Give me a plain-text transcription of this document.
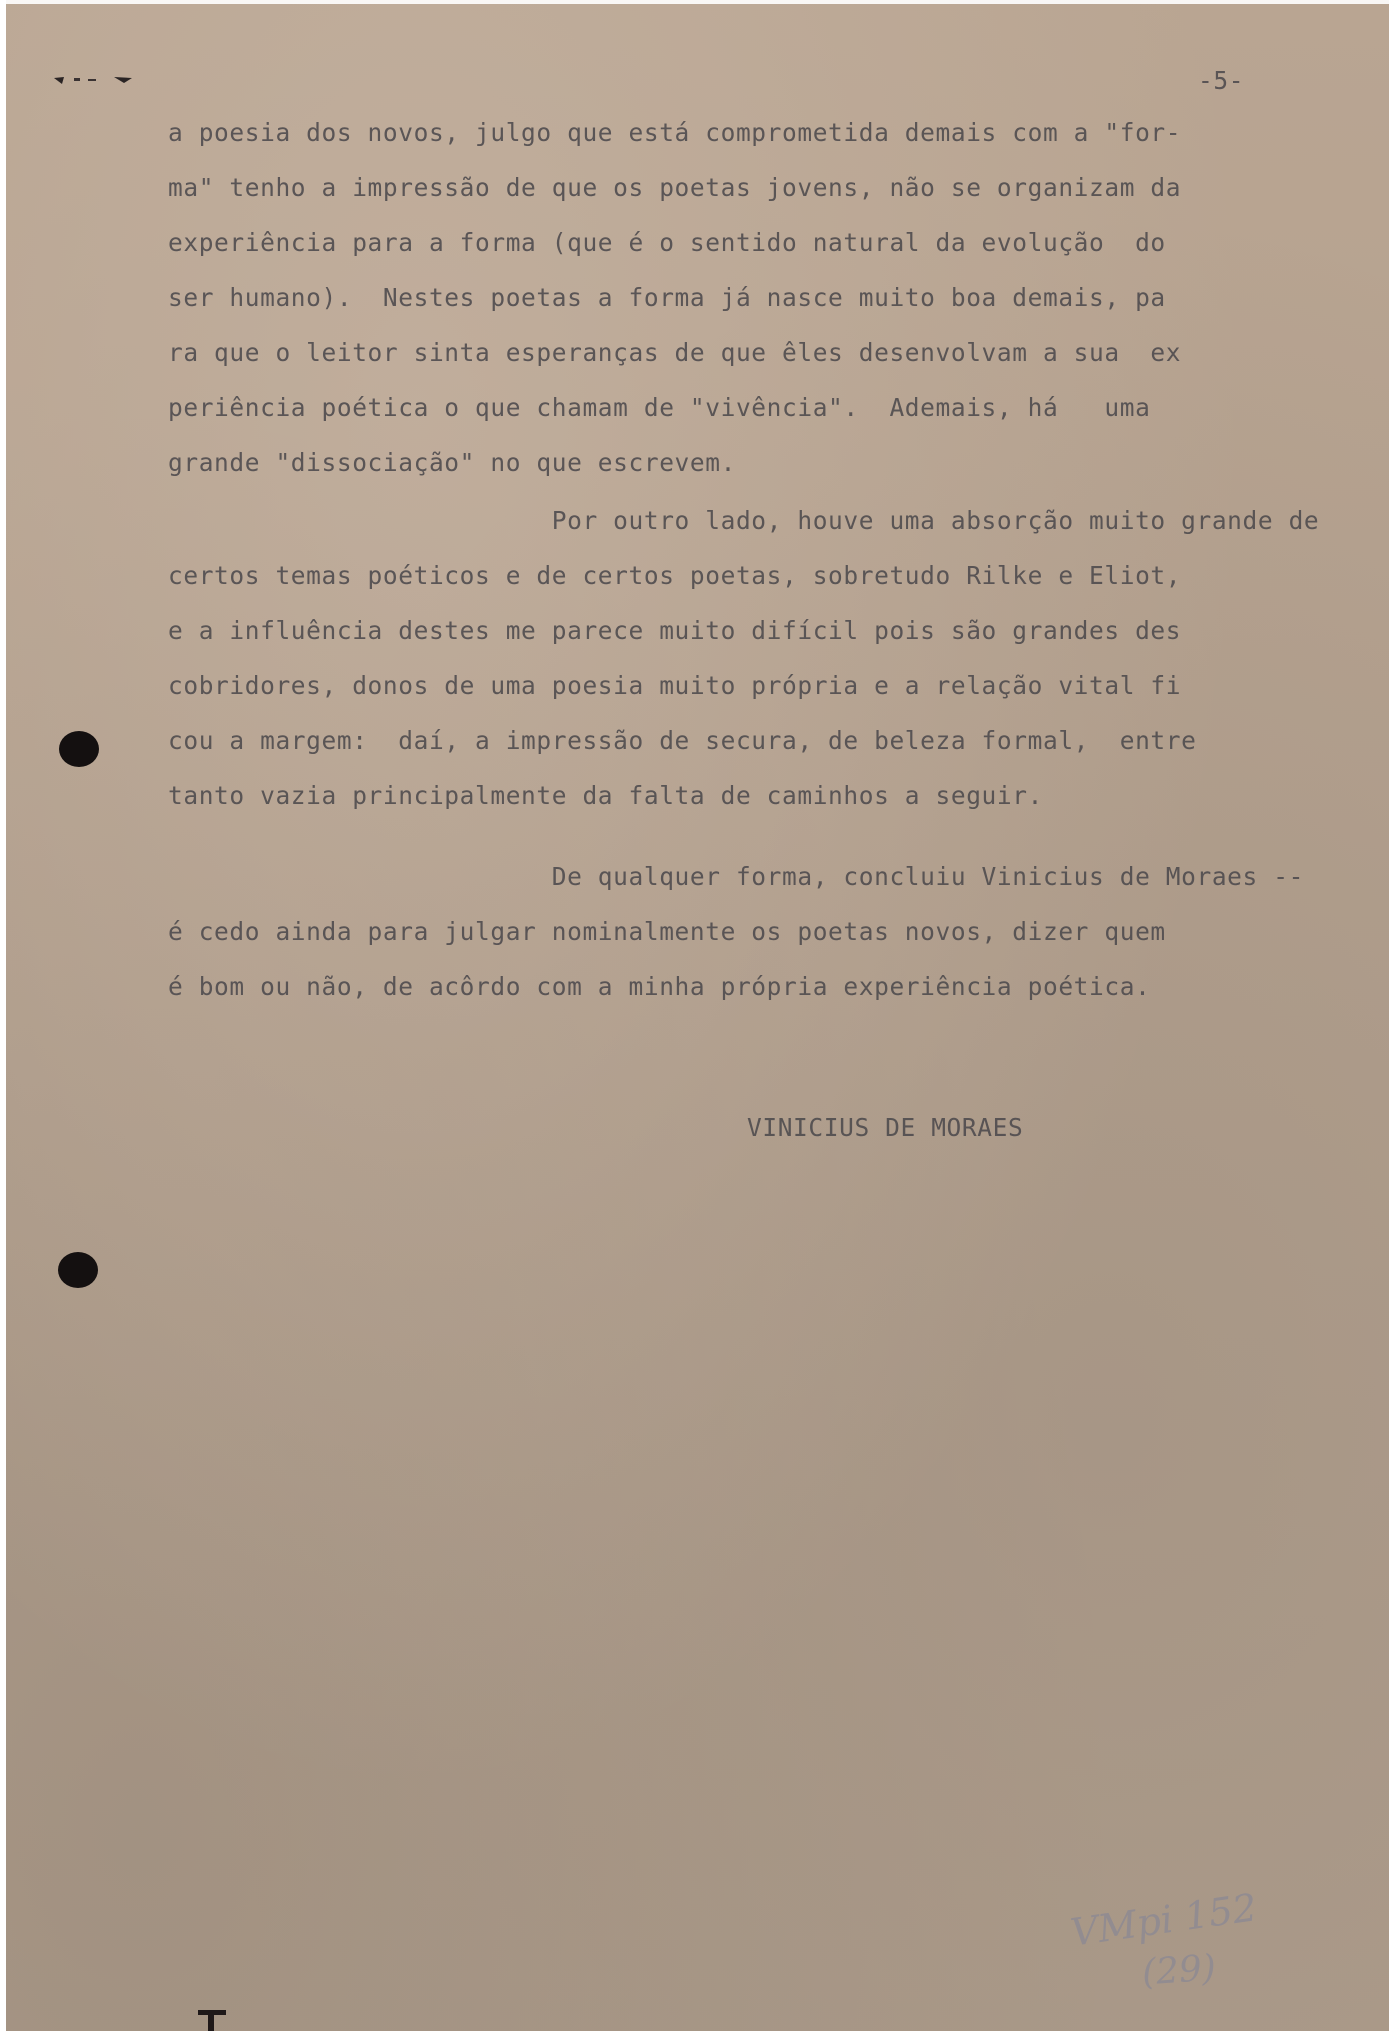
-5-

a poesia dos novos, julgo que está comprometida demais com a "for-

ma" tenho a impressão de que os poetas jovens, não se organizam da

experiência para a forma (que é o sentido natural da evolução  do

ser humano).  Nestes poetas a forma já nasce muito boa demais, pa

ra que o leitor sinta esperanças de que êles desenvolvam a sua  ex

periência poética o que chamam de "vivência".  Ademais, há   uma

grande "dissociação" no que escrevem.

Por outro lado, houve uma absorção muito grande de

certos temas poéticos e de certos poetas, sobretudo Rilke e Eliot,

e a influência destes me parece muito difícil pois são grandes des

cobridores, donos de uma poesia muito própria e a relação vital fi

cou a margem:  daí, a impressão de secura, de beleza formal,  entre

tanto vazia principalmente da falta de caminhos a seguir.

De qualquer forma, concluiu Vinicius de Moraes --

é cedo ainda para julgar nominalmente os poetas novos, dizer quem

é bom ou não, de acôrdo com a minha própria experiência poética.

VINICIUS DE MORAES

VMpi 152

(29)
